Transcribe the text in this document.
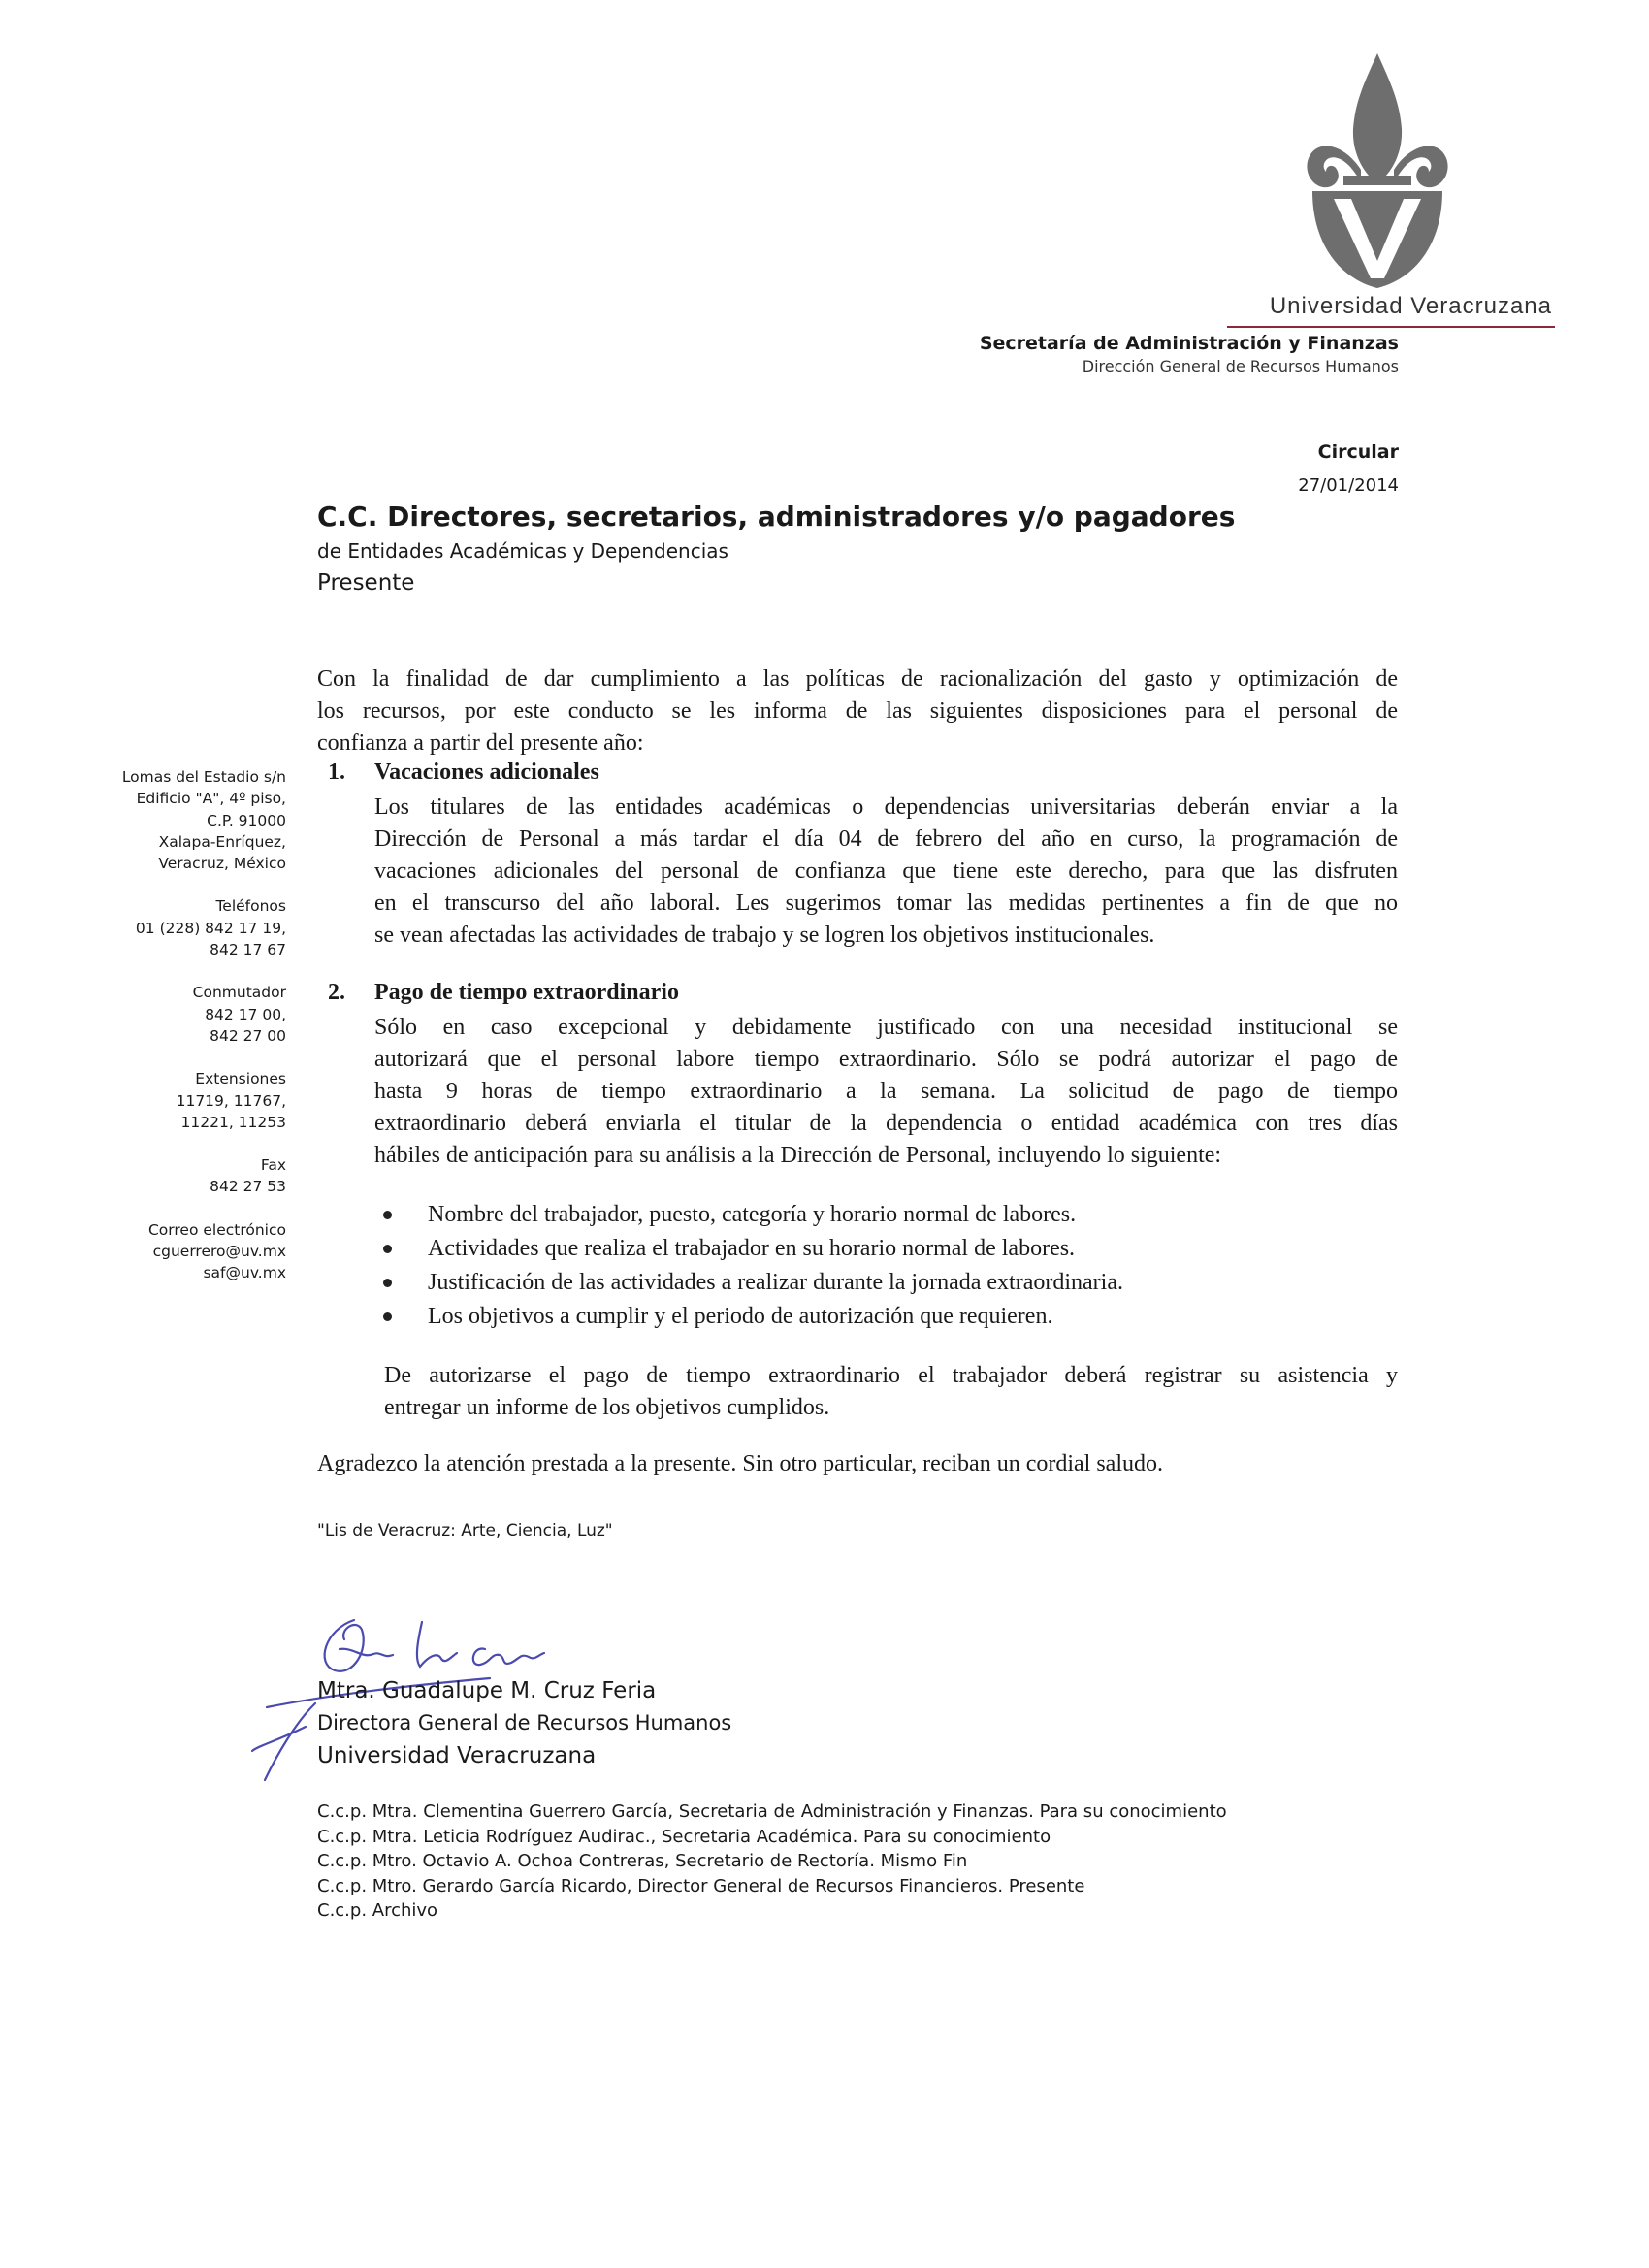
Universidad Veracruzana
Secretaría de Administración y Finanzas
Dirección General de Recursos Humanos
Circular
27/01/2014
C.C. Directores, secretarios, administradores y/o pagadores
de Entidades Académicas y Dependencias
Presente
Lomas del Estadio s/n
Edificio "A", 4º piso,
C.P. 91000
Xalapa-Enríquez,
Veracruz, México
Teléfonos
01 (228) 842 17 19,
842 17 67
Conmutador
842 17 00,
842 27 00
Extensiones
11719, 11767,
11221, 11253
Fax
842 27 53
Correo electrónico
cguerrero@uv.mx
saf@uv.mx
Con la finalidad de dar cumplimiento a las políticas de racionalización del gasto y optimización de
los recursos, por este conducto se les informa de las siguientes disposiciones para el personal de
confianza a partir del presente año:
1. Vacaciones adicionales
Los titulares de las entidades académicas o dependencias universitarias deberán enviar a la
Dirección de Personal a más tardar el día 04 de febrero del año en curso, la programación de
vacaciones adicionales del personal de confianza que tiene este derecho, para que las disfruten
en el transcurso del año laboral. Les sugerimos tomar las medidas pertinentes a fin de que no
se vean afectadas las actividades de trabajo y se logren los objetivos institucionales.
2. Pago de tiempo extraordinario
Sólo en caso excepcional y debidamente justificado con una necesidad institucional se
autorizará que el personal labore tiempo extraordinario. Sólo se podrá autorizar el pago de
hasta 9 horas de tiempo extraordinario a la semana. La solicitud de pago de tiempo
extraordinario deberá enviarla el titular de la dependencia o entidad académica con tres días
hábiles de anticipación para su análisis a la Dirección de Personal, incluyendo lo siguiente:
Nombre del trabajador, puesto, categoría y horario normal de labores.
Actividades que realiza el trabajador en su horario normal de labores.
Justificación de las actividades a realizar durante la jornada extraordinaria.
Los objetivos a cumplir y el periodo de autorización que requieren.
De autorizarse el pago de tiempo extraordinario el trabajador deberá registrar su asistencia y
entregar un informe de los objetivos cumplidos.
Agradezco la atención prestada a la presente. Sin otro particular, reciban un cordial saludo.
"Lis de Veracruz: Arte, Ciencia, Luz"
Mtra. Guadalupe M. Cruz Feria
Directora General de Recursos Humanos
Universidad Veracruzana
C.c.p. Mtra. Clementina Guerrero García, Secretaria de Administración y Finanzas. Para su conocimiento
C.c.p. Mtra. Leticia Rodríguez Audirac., Secretaria Académica. Para su conocimiento
C.c.p. Mtro. Octavio A. Ochoa Contreras, Secretario de Rectoría. Mismo Fin
C.c.p. Mtro. Gerardo García Ricardo, Director General de Recursos Financieros. Presente
C.c.p. Archivo
